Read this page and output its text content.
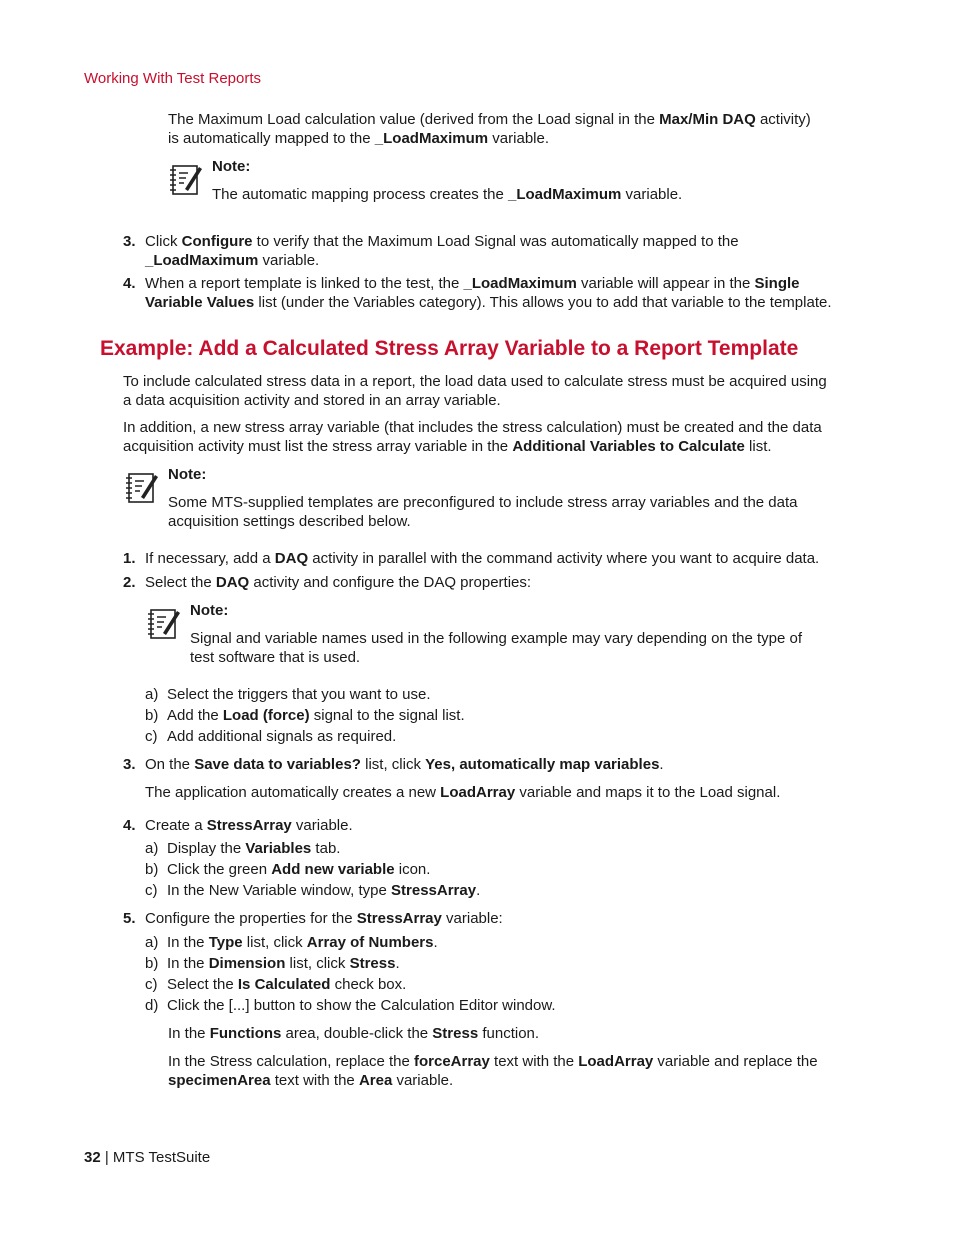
Working With Test Reports
The Maximum Load calculation value (derived from the Load signal in the Max/Min DAQ activity)
is automatically mapped to the _LoadMaximum variable.
Note:
The automatic mapping process creates the _LoadMaximum variable.
3. Click Configure to verify that the Maximum Load Signal was automatically mapped to the
_LoadMaximum variable.
4. When a report template is linked to the test, the _LoadMaximum variable will appear in the Single
Variable Values list (under the Variables category). This allows you to add that variable to the template.
Example: Add a Calculated Stress Array Variable to a Report Template
To include calculated stress data in a report, the load data used to calculate stress must be acquired using
a data acquisition activity and stored in an array variable.
In addition, a new stress array variable (that includes the stress calculation) must be created and the data
acquisition activity must list the stress array variable in the Additional Variables to Calculate list.
Note:
Some MTS-supplied templates are preconfigured to include stress array variables and the data
acquisition settings described below.
1. If necessary, add a DAQ activity in parallel with the command activity where you want to acquire data.
2. Select the DAQ activity and configure the DAQ properties:
Note:
Signal and variable names used in the following example may vary depending on the type of
test software that is used.
a) Select the triggers that you want to use.
b) Add the Load (force) signal to the signal list.
c) Add additional signals as required.
3. On the Save data to variables? list, click Yes, automatically map variables.
The application automatically creates a new LoadArray variable and maps it to the Load signal.
4. Create a StressArray variable.
a) Display the Variables tab.
b) Click the green Add new variable icon.
c) In the New Variable window, type StressArray.
5. Configure the properties for the StressArray variable:
a) In the Type list, click Array of Numbers.
b) In the Dimension list, click Stress.
c) Select the Is Calculated check box.
d) Click the [...] button to show the Calculation Editor window.
In the Functions area, double-click the Stress function.
In the Stress calculation, replace the forceArray text with the LoadArray variable and replace the
specimenArea text with the Area variable.
32 | MTS TestSuite
